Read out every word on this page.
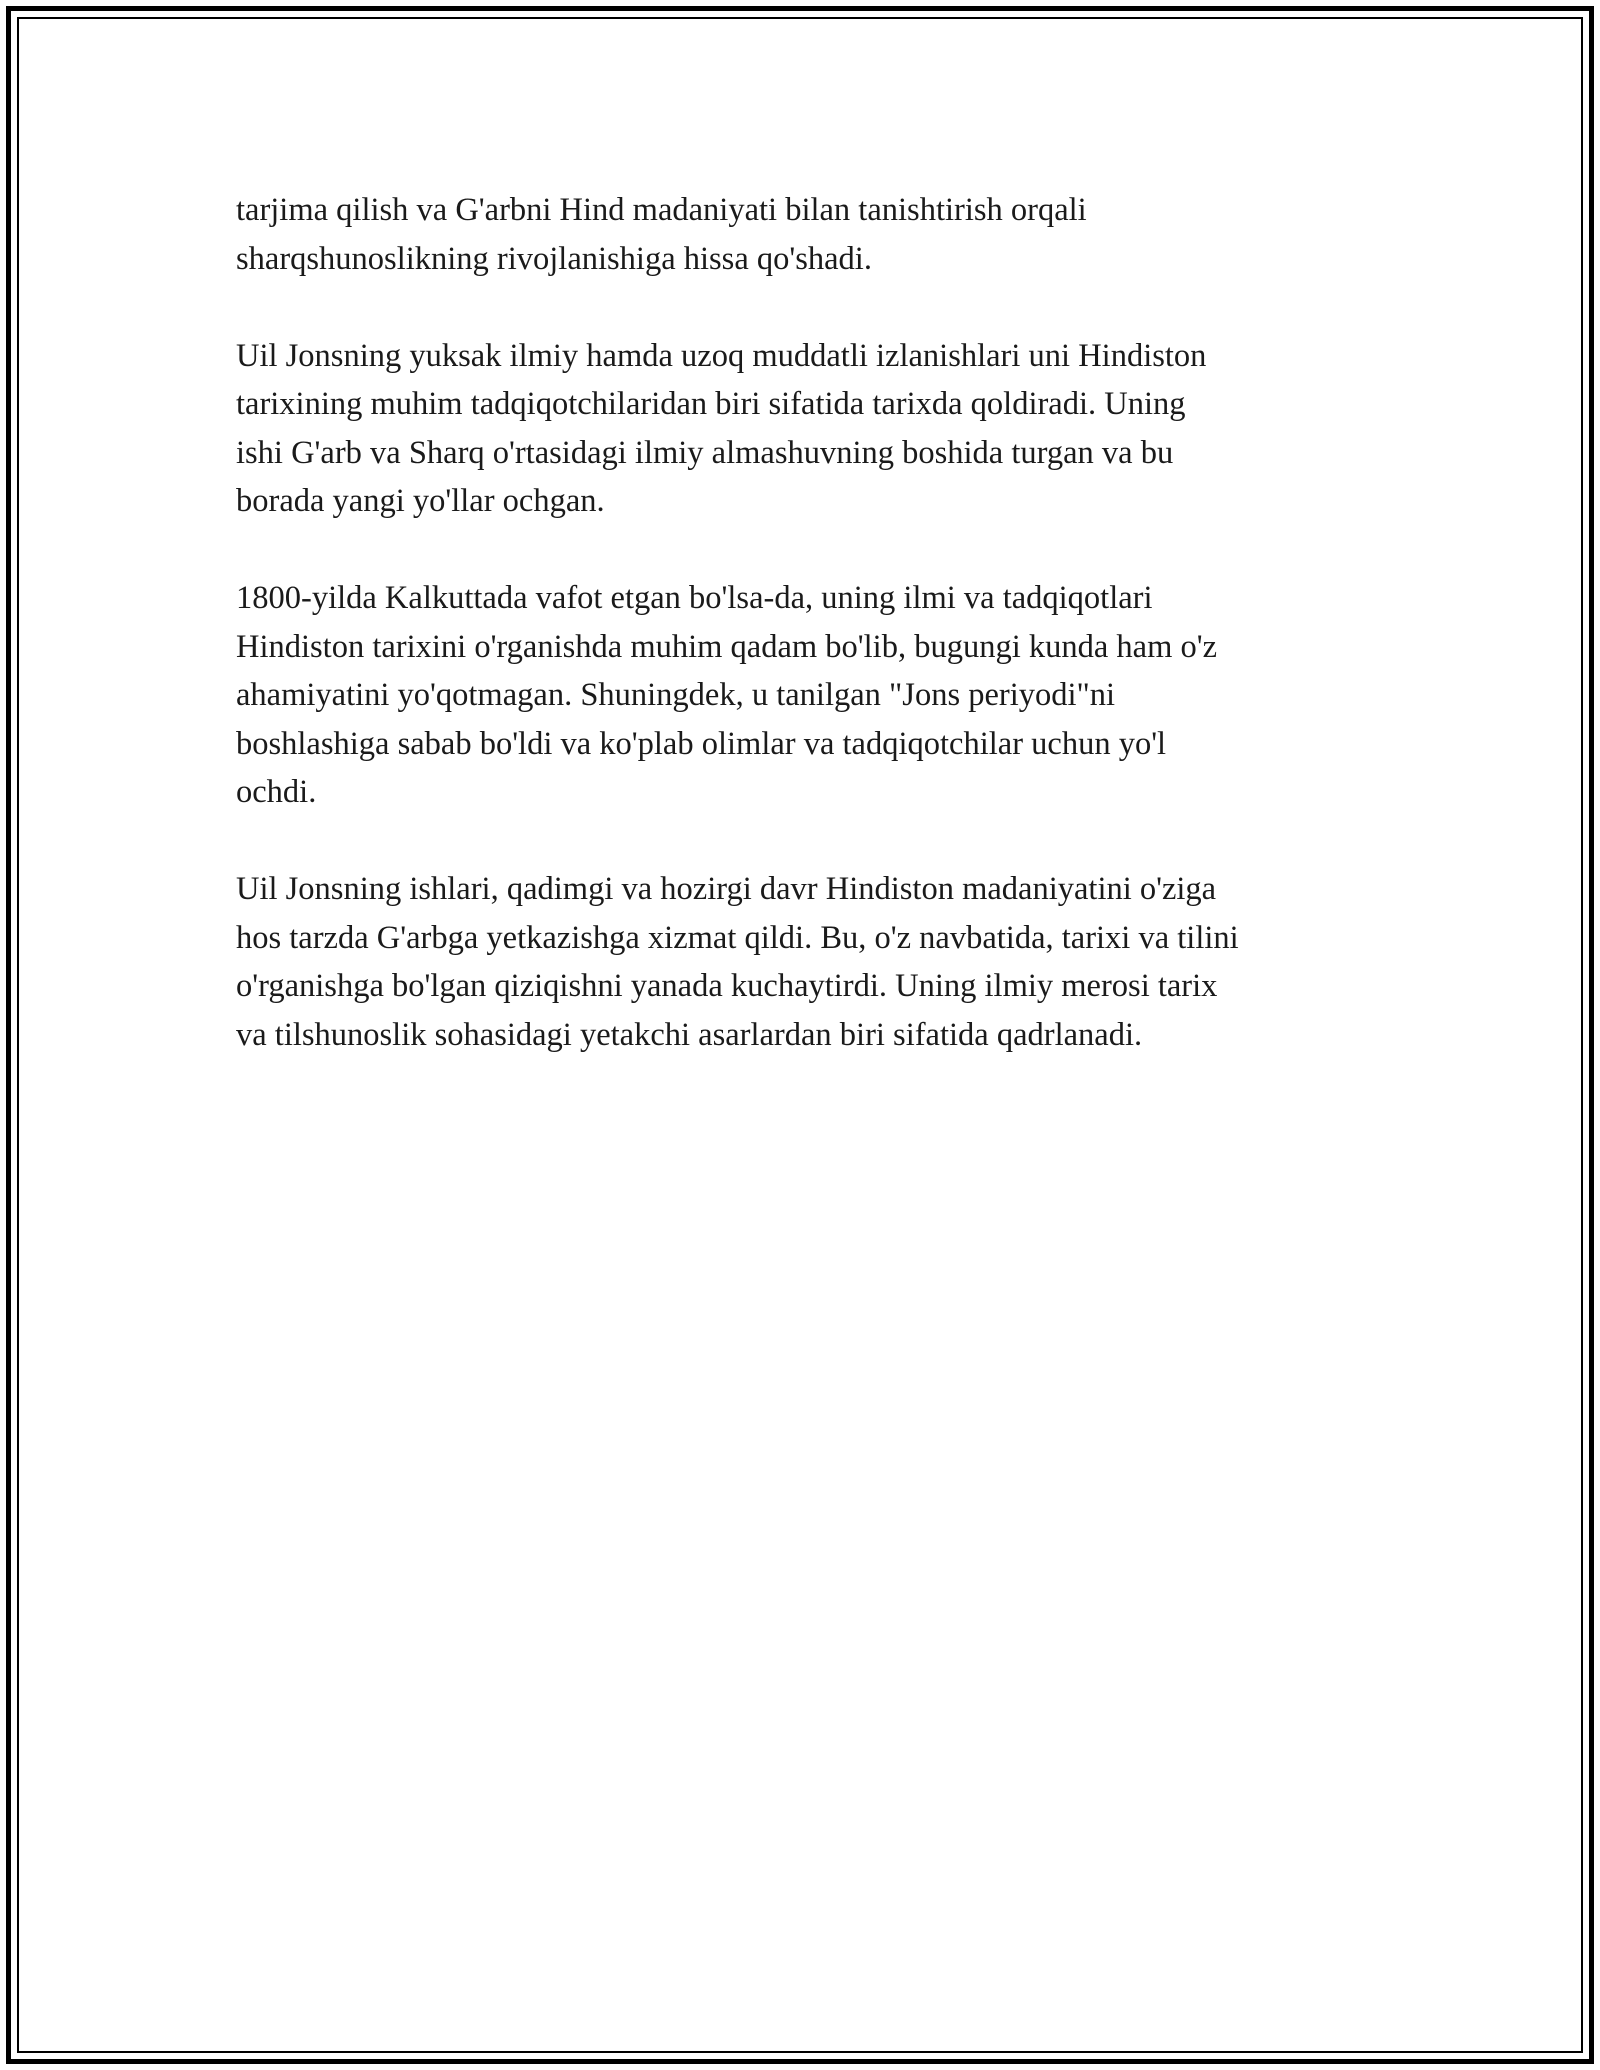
tarjima qilish va G'arbni Hind madaniyati bilan tanishtirish orqali
sharqshunoslikning rivojlanishiga hissa qo'shadi.

Uil Jonsning yuksak ilmiy hamda uzoq muddatli izlanishlari uni Hindiston
tarixining muhim tadqiqotchilaridan biri sifatida tarixda qoldiradi. Uning
ishi G'arb va Sharq o'rtasidagi ilmiy almashuvning boshida turgan va bu
borada yangi yo'llar ochgan.

1800-yilda Kalkuttada vafot etgan bo'lsa-da, uning ilmi va tadqiqotlari
Hindiston tarixini o'rganishda muhim qadam bo'lib, bugungi kunda ham o'z
ahamiyatini yo'qotmagan. Shuningdek, u tanilgan "Jons periyodi"ni
boshlashiga sabab bo'ldi va ko'plab olimlar va tadqiqotchilar uchun yo'l
ochdi.

Uil Jonsning ishlari, qadimgi va hozirgi davr Hindiston madaniyatini o'ziga
hos tarzda G'arbga yetkazishga xizmat qildi. Bu, o'z navbatida, tarixi va tilini
o'rganishga bo'lgan qiziqishni yanada kuchaytirdi. Uning ilmiy merosi tarix
va tilshunoslik sohasidagi yetakchi asarlardan biri sifatida qadrlanadi.
